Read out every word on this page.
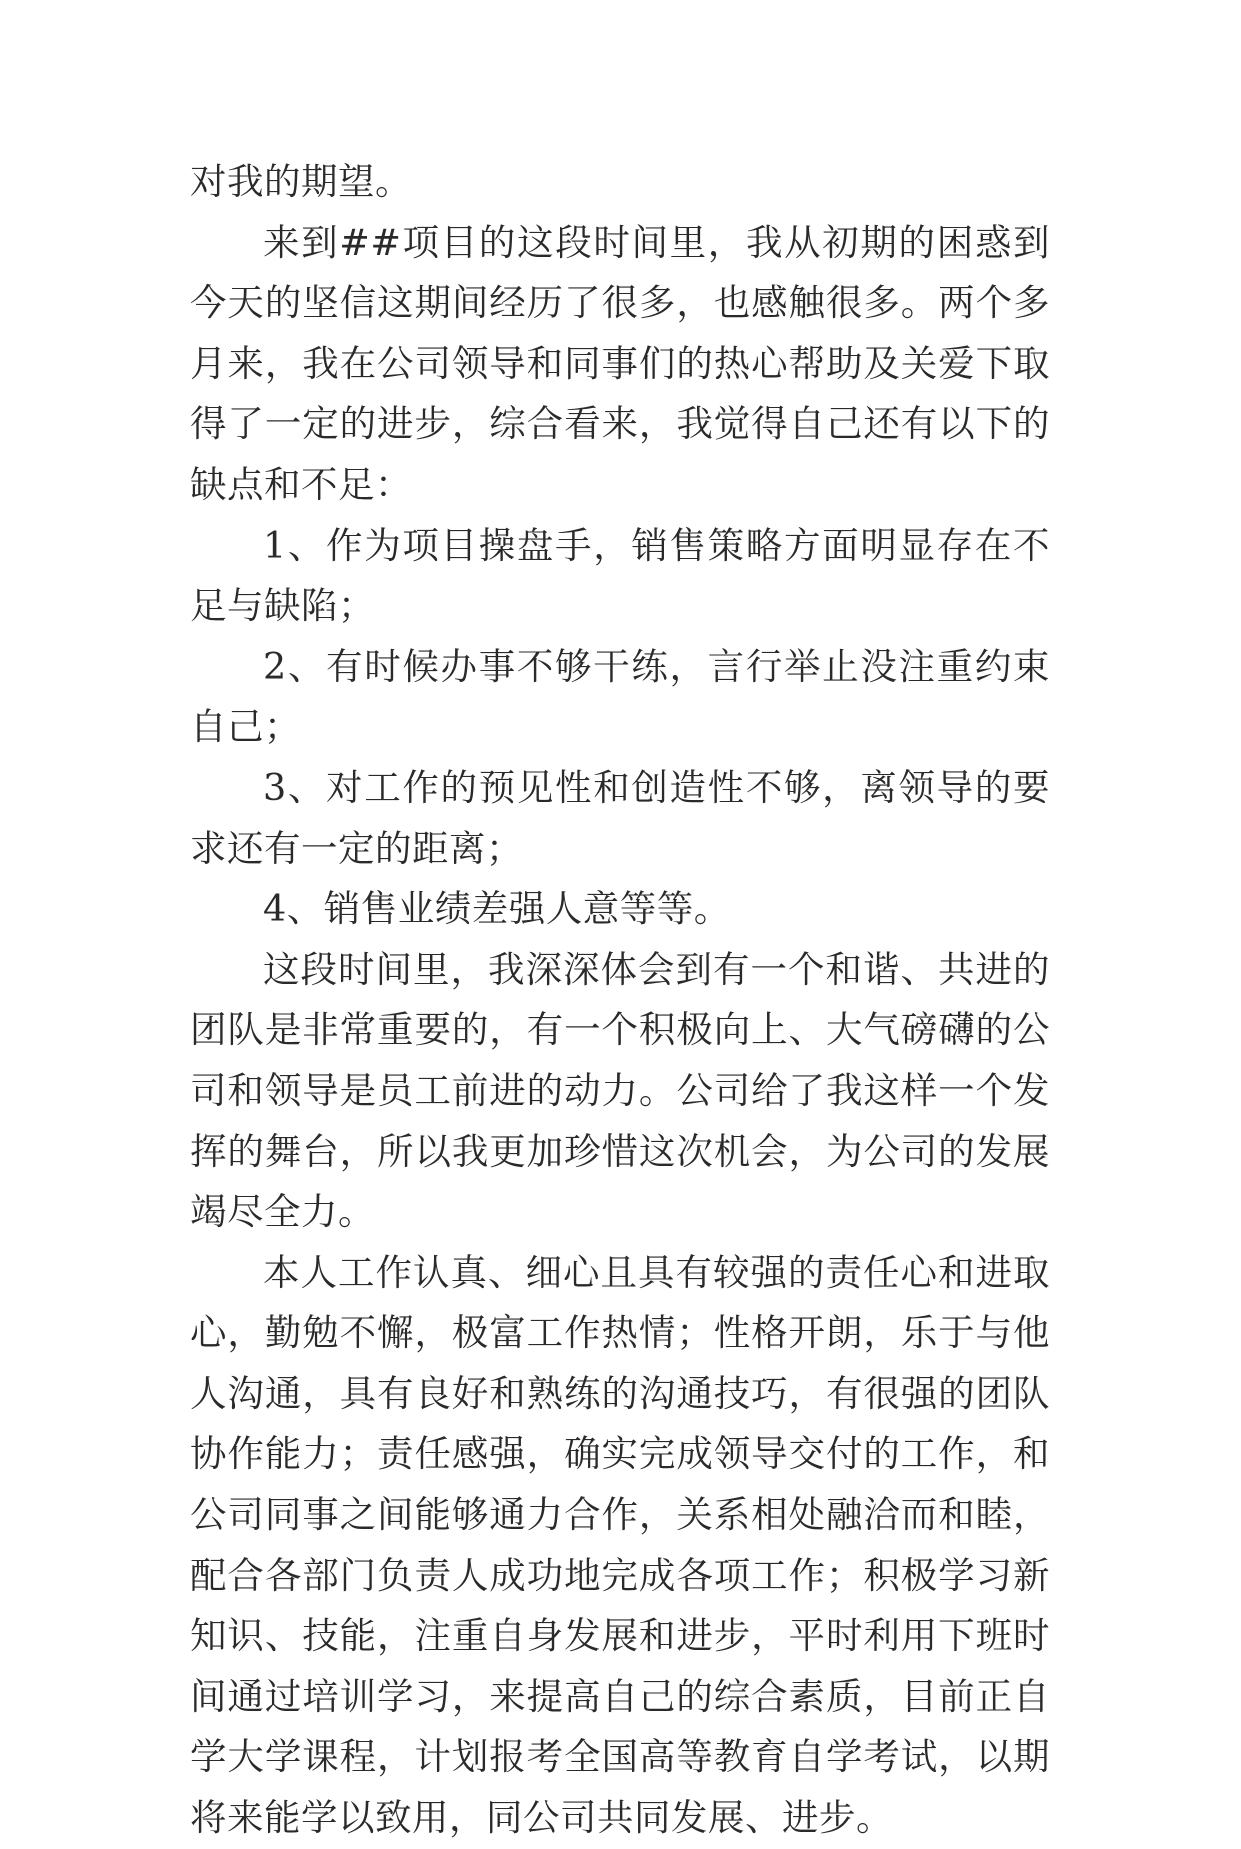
对我的期望。

来到##项目的这段时间里，我从初期的困惑到今天的坚信这期间经历了很多，也感触很多。两个多月来，我在公司领导和同事们的热心帮助及关爱下取得了一定的进步，综合看来，我觉得自己还有以下的缺点和不足：

1、作为项目操盘手，销售策略方面明显存在不足与缺陷；

2、有时候办事不够干练，言行举止没注重约束自己；

3、对工作的预见性和创造性不够，离领导的要求还有一定的距离；

4、销售业绩差强人意等等。

这段时间里，我深深体会到有一个和谐、共进的团队是非常重要的，有一个积极向上、大气磅礴的公司和领导是员工前进的动力。公司给了我这样一个发挥的舞台，所以我更加珍惜这次机会，为公司的发展竭尽全力。

本人工作认真、细心且具有较强的责任心和进取心，勤勉不懈，极富工作热情；性格开朗，乐于与他人沟通，具有良好和熟练的沟通技巧，有很强的团队协作能力；责任感强，确实完成领导交付的工作，和公司同事之间能够通力合作，关系相处融洽而和睦，配合各部门负责人成功地完成各项工作；积极学习新知识、技能，注重自身发展和进步，平时利用下班时间通过培训学习，来提高自己的综合素质，目前正自学大学课程，计划报考全国高等教育自学考试，以期将来能学以致用，同公司共同发展、进步。
